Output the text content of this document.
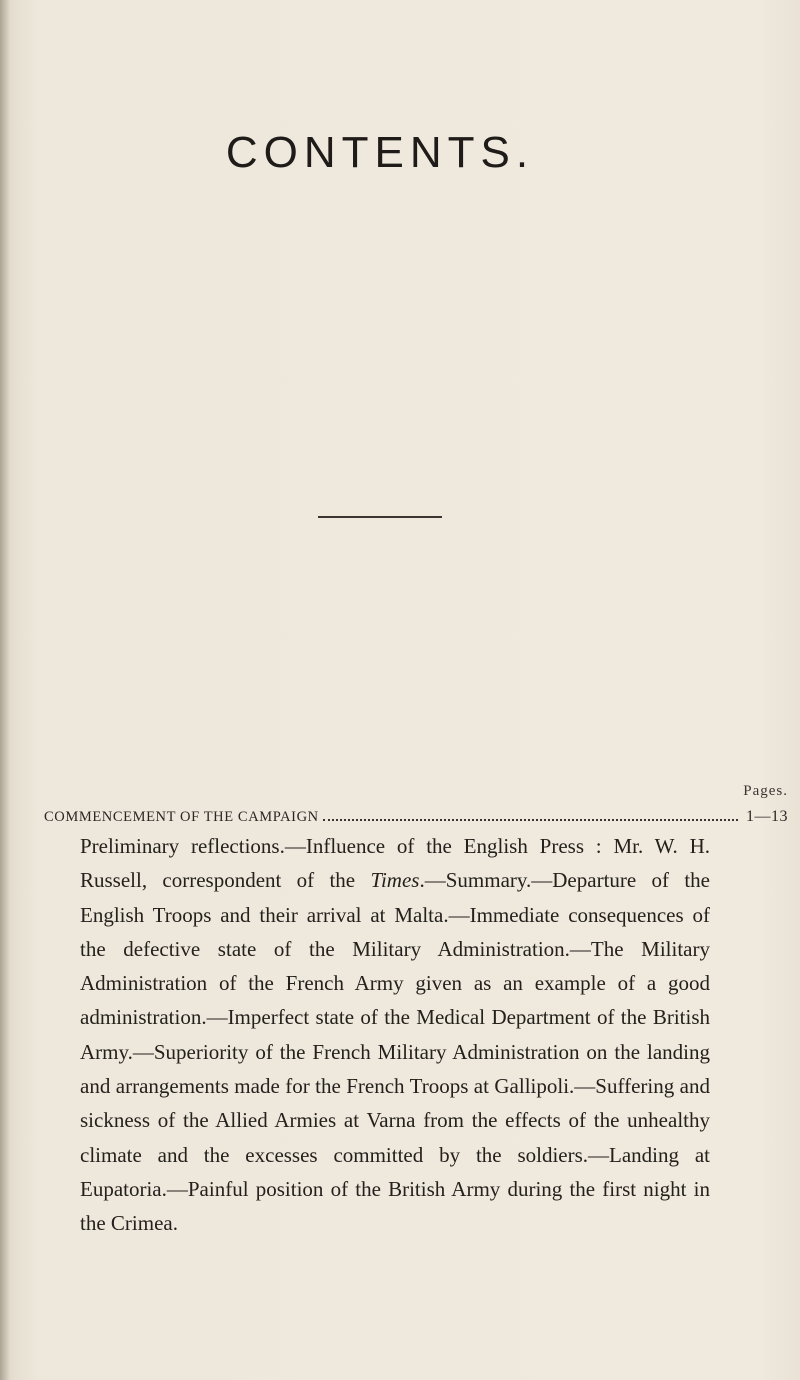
CONTENTS.
Pages.
COMMENCEMENT OF THE CAMPAIGN	1—13
Preliminary reflections.—Influence of the English Press : Mr. W. H. Russell, correspondent of the Times.—Summary.—Departure of the English Troops and their arrival at Malta.—Immediate consequences of the defective state of the Military Administration.—The Military Administration of the French Army given as an example of a good administration.—Imperfect state of the Medical Department of the British Army.—Superiority of the French Military Administration on the landing and arrangements made for the French Troops at Gallipoli.—Suffering and sickness of the Allied Armies at Varna from the effects of the unhealthy climate and the excesses committed by the soldiers.—Landing at Eupatoria.—Painful position of the British Army during the first night in the Crimea.
